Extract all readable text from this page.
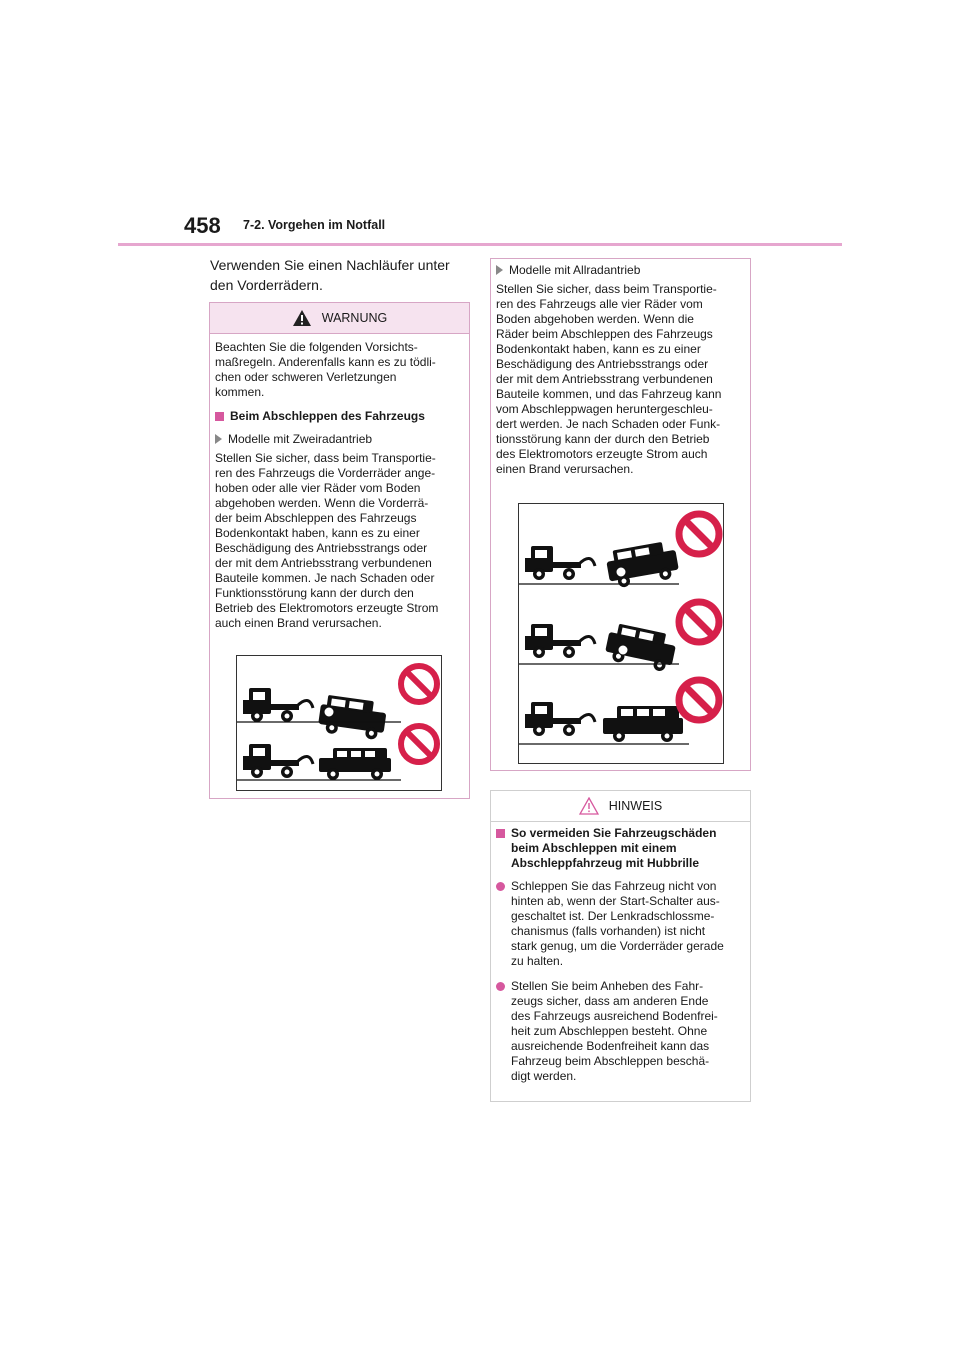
458 7-2. Vorgehen im Notfall
Verwenden Sie einen Nachläufer unter
den Vorderrädern.
WARNUNG
Beachten Sie die folgenden Vorsichts-
maßregeln. Anderenfalls kann es zu tödli-
chen oder schweren Verletzungen
kommen.
Beim Abschleppen des Fahrzeugs
Modelle mit Zweiradantrieb
Stellen Sie sicher, dass beim Transportie-
ren des Fahrzeugs die Vorderräder ange-
hoben oder alle vier Räder vom Boden
abgehoben werden. Wenn die Vorderrä-
der beim Abschleppen des Fahrzeugs
Bodenkontakt haben, kann es zu einer
Beschädigung des Antriebsstrangs oder
der mit dem Antriebsstrang verbundenen
Bauteile kommen. Je nach Schaden oder
Funktionsstörung kann der durch den
Betrieb des Elektromotors erzeugte Strom
auch einen Brand verursachen.
Modelle mit Allradantrieb
Stellen Sie sicher, dass beim Transportie-
ren des Fahrzeugs alle vier Räder vom
Boden abgehoben werden. Wenn die
Räder beim Abschleppen des Fahrzeugs
Bodenkontakt haben, kann es zu einer
Beschädigung des Antriebsstrangs oder
der mit dem Antriebsstrang verbundenen
Bauteile kommen, und das Fahrzeug kann
vom Abschleppwagen heruntergeschleu-
dert werden. Je nach Schaden oder Funk-
tionsstörung kann der durch den Betrieb
des Elektromotors erzeugte Strom auch
einen Brand verursachen.
HINWEIS
So vermeiden Sie Fahrzeugschäden
beim Abschleppen mit einem
Abschleppfahrzeug mit Hubbrille
Schleppen Sie das Fahrzeug nicht von
hinten ab, wenn der Start-Schalter aus-
geschaltet ist. Der Lenkradschlossme-
chanismus (falls vorhanden) ist nicht
stark genug, um die Vorderräder gerade
zu halten.
Stellen Sie beim Anheben des Fahr-
zeugs sicher, dass am anderen Ende
des Fahrzeugs ausreichend Bodenfrei-
heit zum Abschleppen besteht. Ohne
ausreichende Bodenfreiheit kann das
Fahrzeug beim Abschleppen beschä-
digt werden.
